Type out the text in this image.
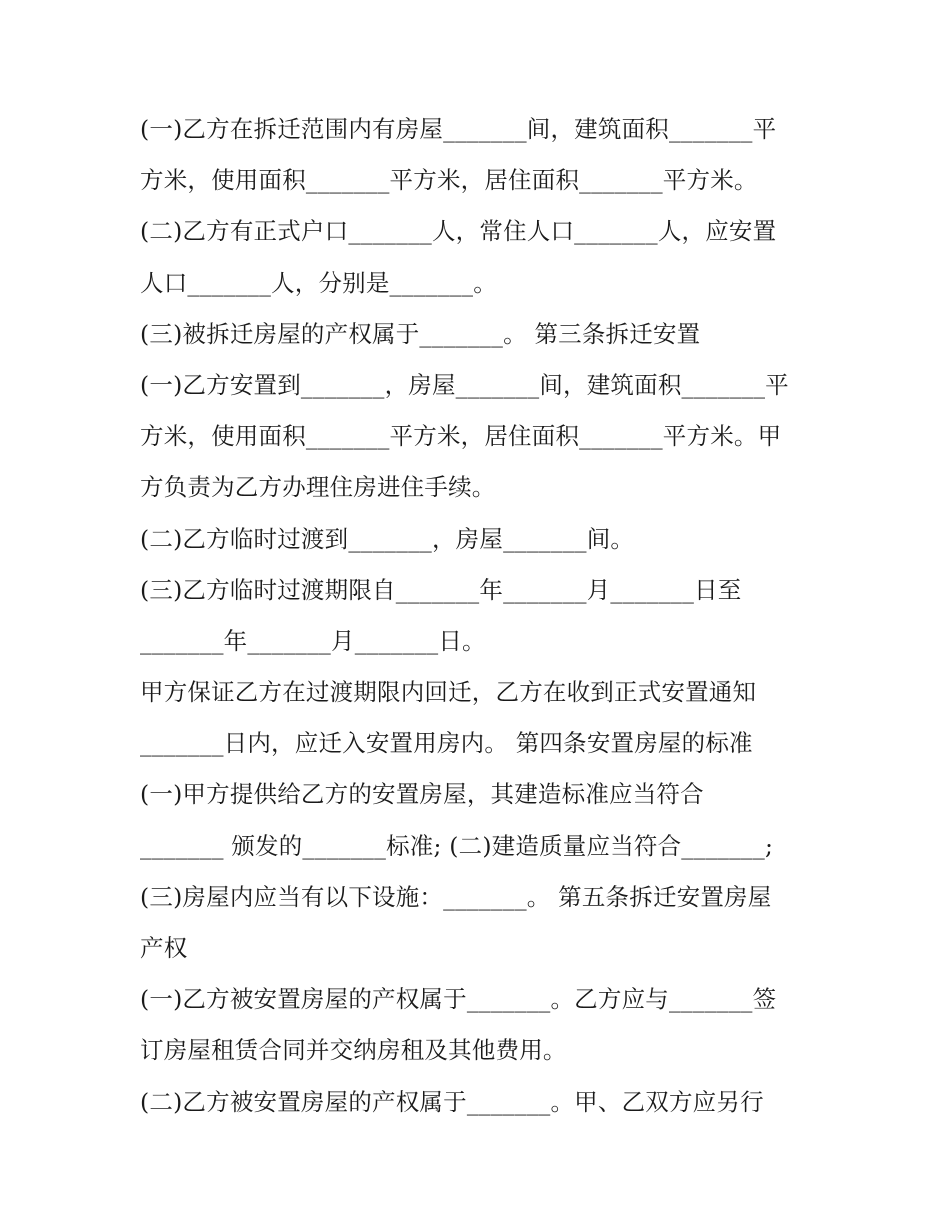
(一)乙方在拆迁范围内有房屋_______间，建筑面积_______平
方米，使用面积_______平方米，居住面积_______平方米。
(二)乙方有正式户口_______人，常住人口_______人，应安置
人口_______人，分别是_______。
(三)被拆迁房屋的产权属于_______。 第三条拆迁安置
(一)乙方安置到_______，房屋_______间，建筑面积_______平
方米，使用面积_______平方米，居住面积_______平方米。甲
方负责为乙方办理住房进住手续。
(二)乙方临时过渡到_______，房屋_______间。
(三)乙方临时过渡期限自_______年_______月_______日至
_______年_______月_______日。
甲方保证乙方在过渡期限内回迁，乙方在收到正式安置通知
_______日内，应迁入安置用房内。 第四条安置房屋的标准
(一)甲方提供给乙方的安置房屋，其建造标准应当符合
_______ 颁发的_______标准; (二)建造质量应当符合_______;
(三)房屋内应当有以下设施：_______。 第五条拆迁安置房屋
产权
(一)乙方被安置房屋的产权属于_______。乙方应与_______签
订房屋租赁合同并交纳房租及其他费用。
(二)乙方被安置房屋的产权属于_______。甲、乙双方应另行
